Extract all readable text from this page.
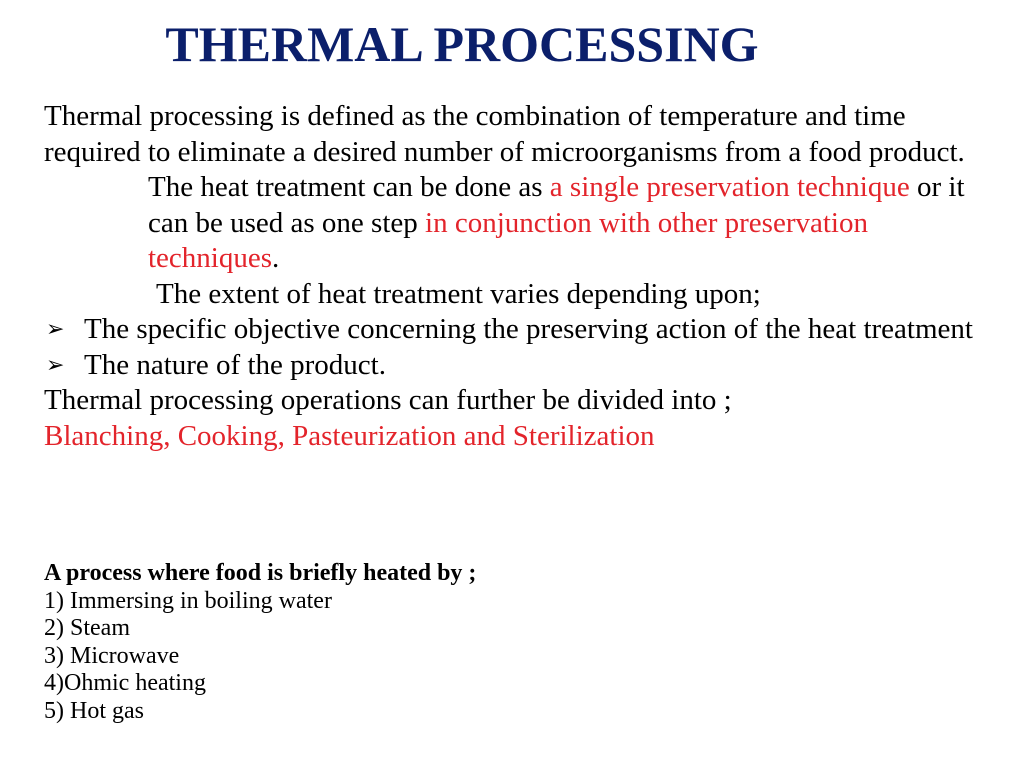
THERMAL PROCESSING

Thermal processing is defined as the combination of temperature and time required to eliminate a desired number of microorganisms from a food product.

The heat treatment can be done as a single preservation technique or it can be used as one step in conjunction with other preservation techniques.

The extent of heat treatment varies depending upon;

➢ The specific objective concerning the preserving action of the heat treatment
➢ The nature of the product.

Thermal processing operations can further be divided into ;

Blanching, Cooking, Pasteurization and Sterilization

A process where food is briefly heated by ;

1) Immersing in boiling water

2) Steam

3) Microwave

4)Ohmic heating

5) Hot gas
